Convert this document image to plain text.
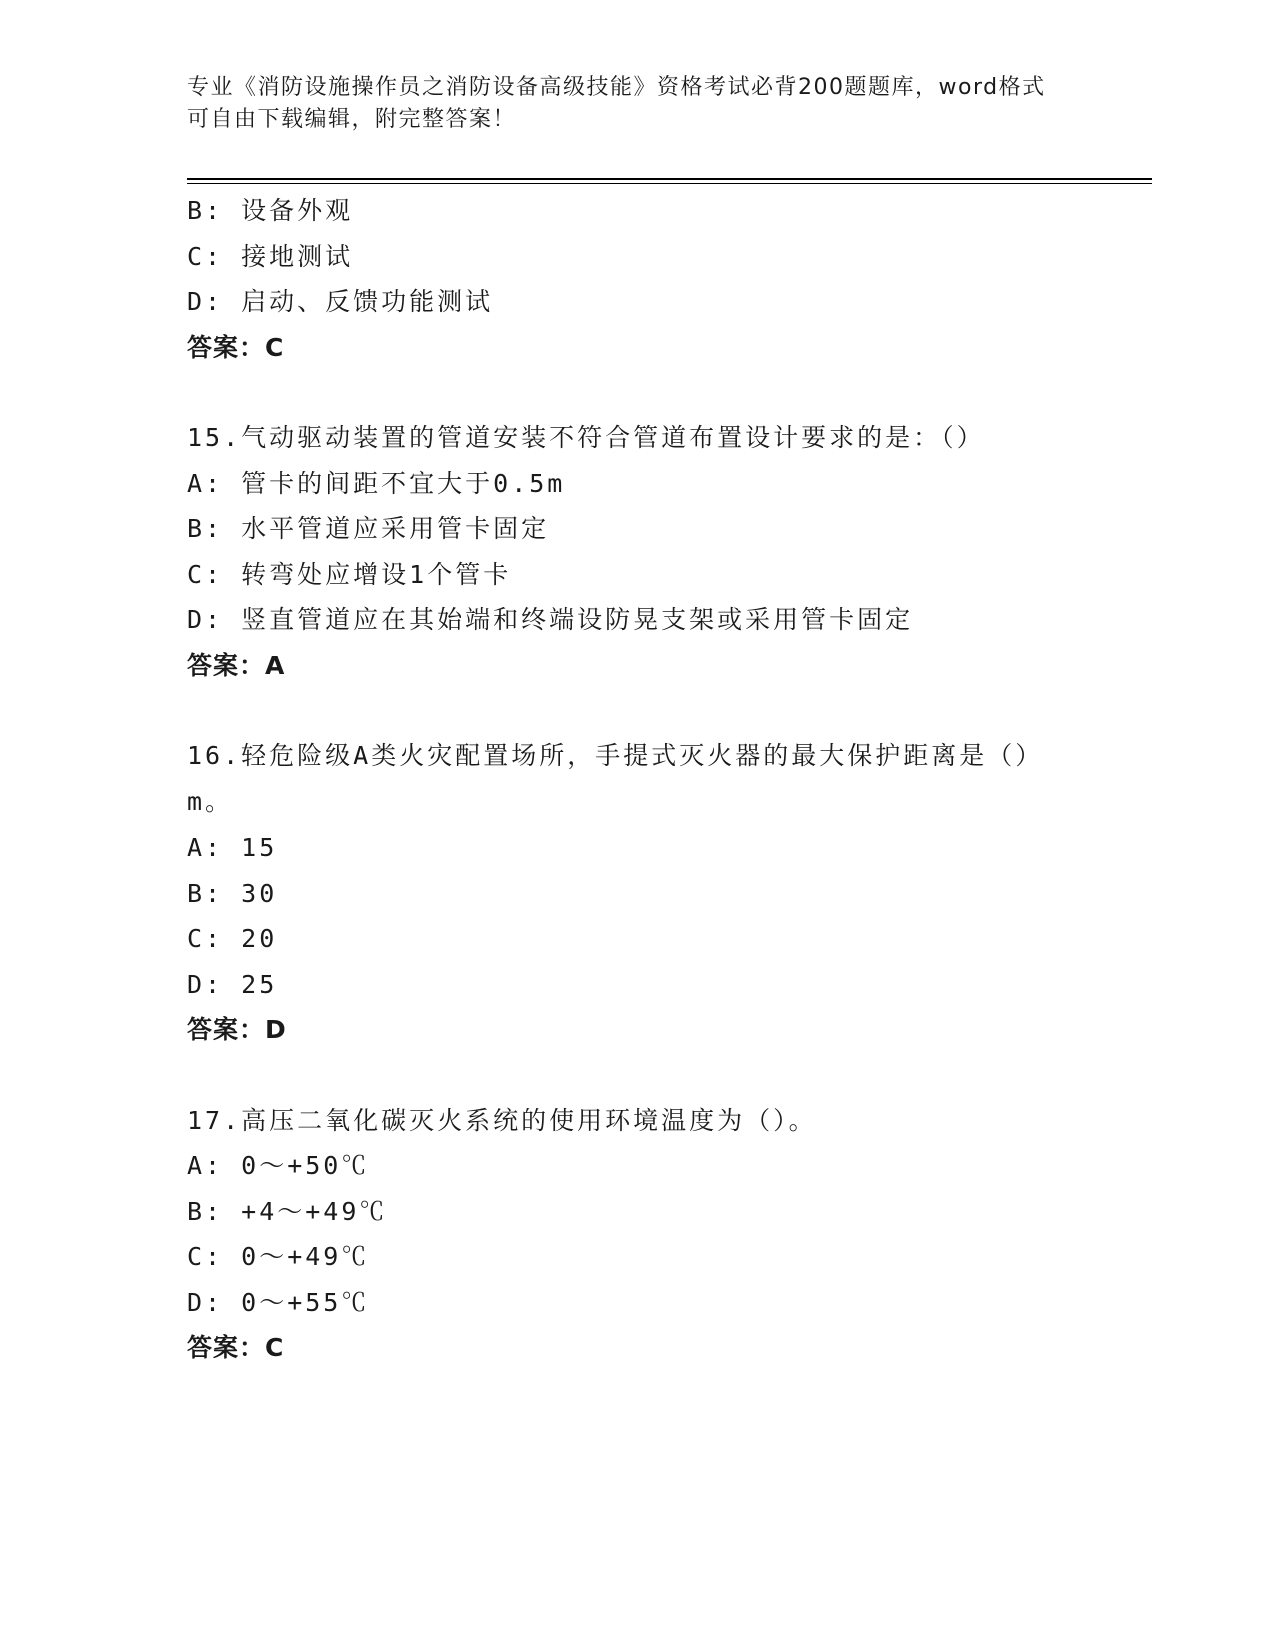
专业《消防设施操作员之消防设备高级技能》资格考试必背200题题库，word格式可自由下载编辑，附完整答案！
B: 设备外观
C: 接地测试
D: 启动、反馈功能测试
答案：C
15.气动驱动装置的管道安装不符合管道布置设计要求的是：（）
A: 管卡的间距不宜大于0.5m
B: 水平管道应采用管卡固定
C: 转弯处应增设1个管卡
D: 竖直管道应在其始端和终端设防晃支架或采用管卡固定
答案：A
16.轻危险级A类火灾配置场所，手提式灭火器的最大保护距离是（）m。
A: 15
B: 30
C: 20
D: 25
答案：D
17.高压二氧化碳灭火系统的使用环境温度为（）。
A: 0～+50℃
B: +4～+49℃
C: 0～+49℃
D: 0～+55℃
答案：C
